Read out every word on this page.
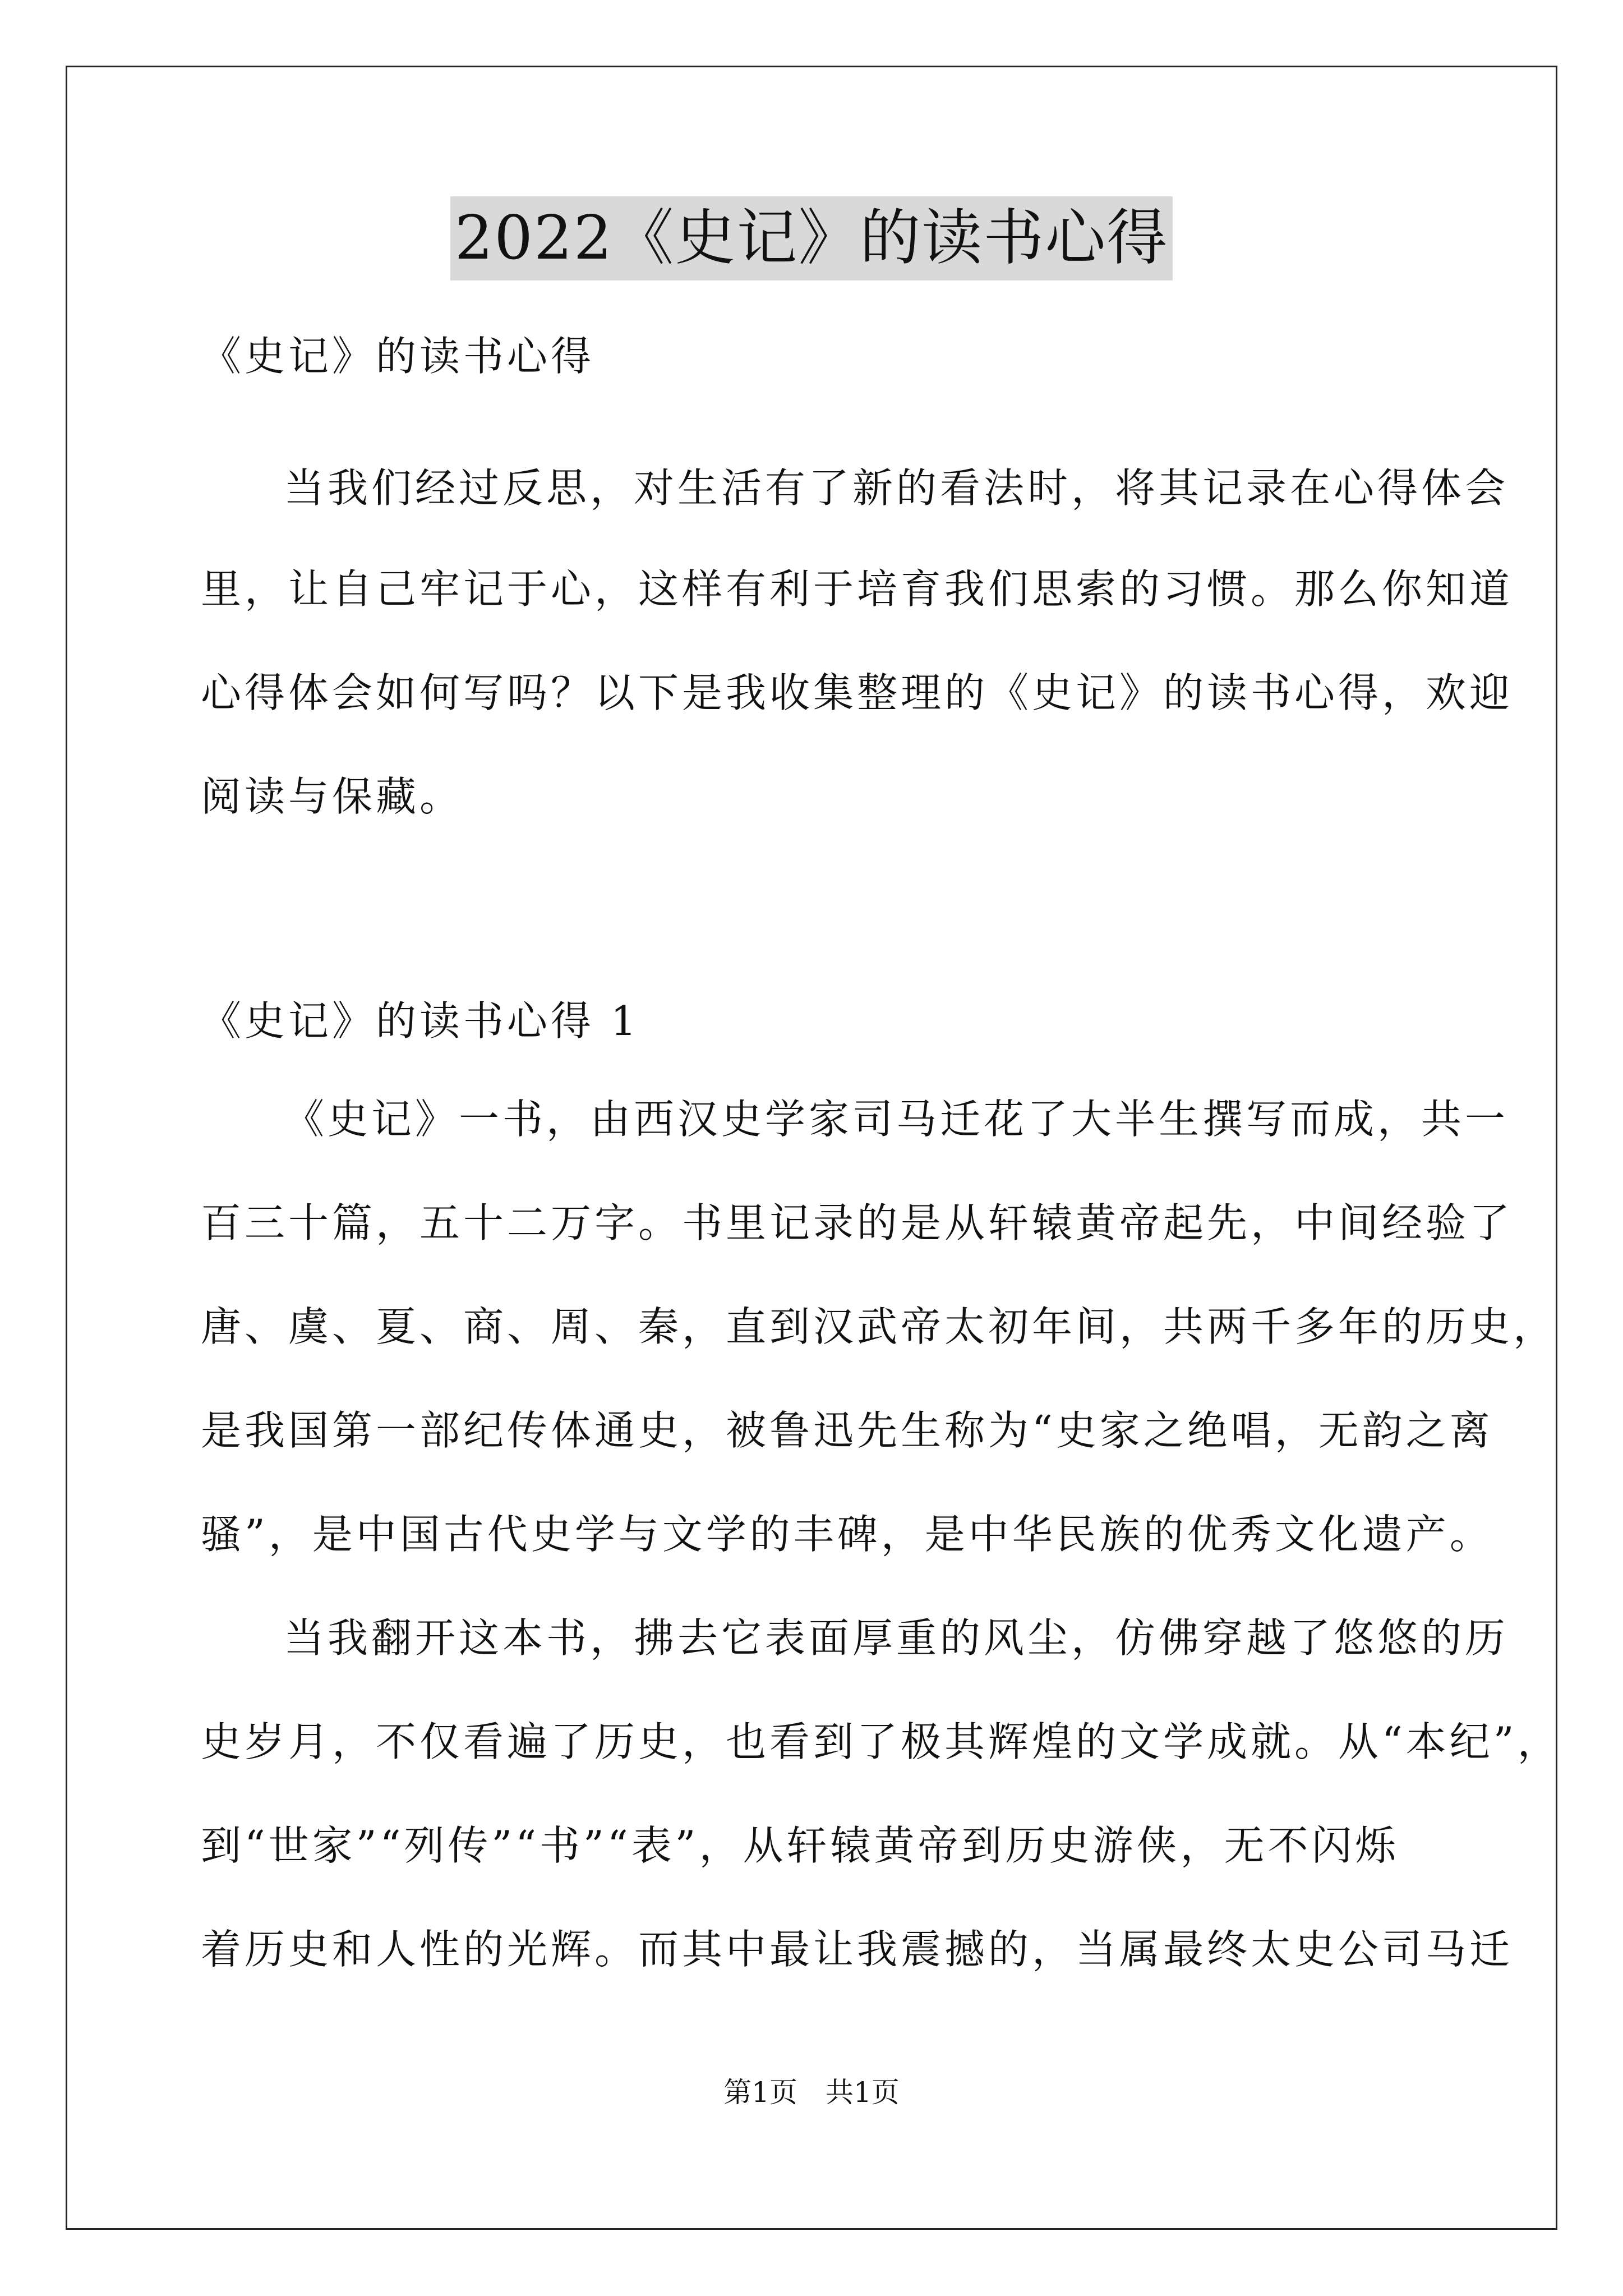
2022《史记》的读书心得
《史记》的读书心得
当我们经过反思，对生活有了新的看法时，将其记录在心得体会
里，让自己牢记于心，这样有利于培育我们思索的习惯。那么你知道
心得体会如何写吗？以下是我收集整理的《史记》的读书心得，欢迎
阅读与保藏。
《史记》的读书心得 1
《史记》一书，由西汉史学家司马迁花了大半生撰写而成，共一
百三十篇，五十二万字。书里记录的是从轩辕黄帝起先，中间经验了
唐、虞、夏、商、周、秦，直到汉武帝太初年间，共两千多年的历史，
是我国第一部纪传体通史，被鲁迅先生称为“史家之绝唱，无韵之离
骚”，是中国古代史学与文学的丰碑，是中华民族的优秀文化遗产。
当我翻开这本书，拂去它表面厚重的风尘，仿佛穿越了悠悠的历
史岁月，不仅看遍了历史，也看到了极其辉煌的文学成就。从“本纪”，
到“世家”“列传”“书”“表”，从轩辕黄帝到历史游侠，无不闪烁
着历史和人性的光辉。而其中最让我震撼的，当属最终太史公司马迁
第1页　共1页
